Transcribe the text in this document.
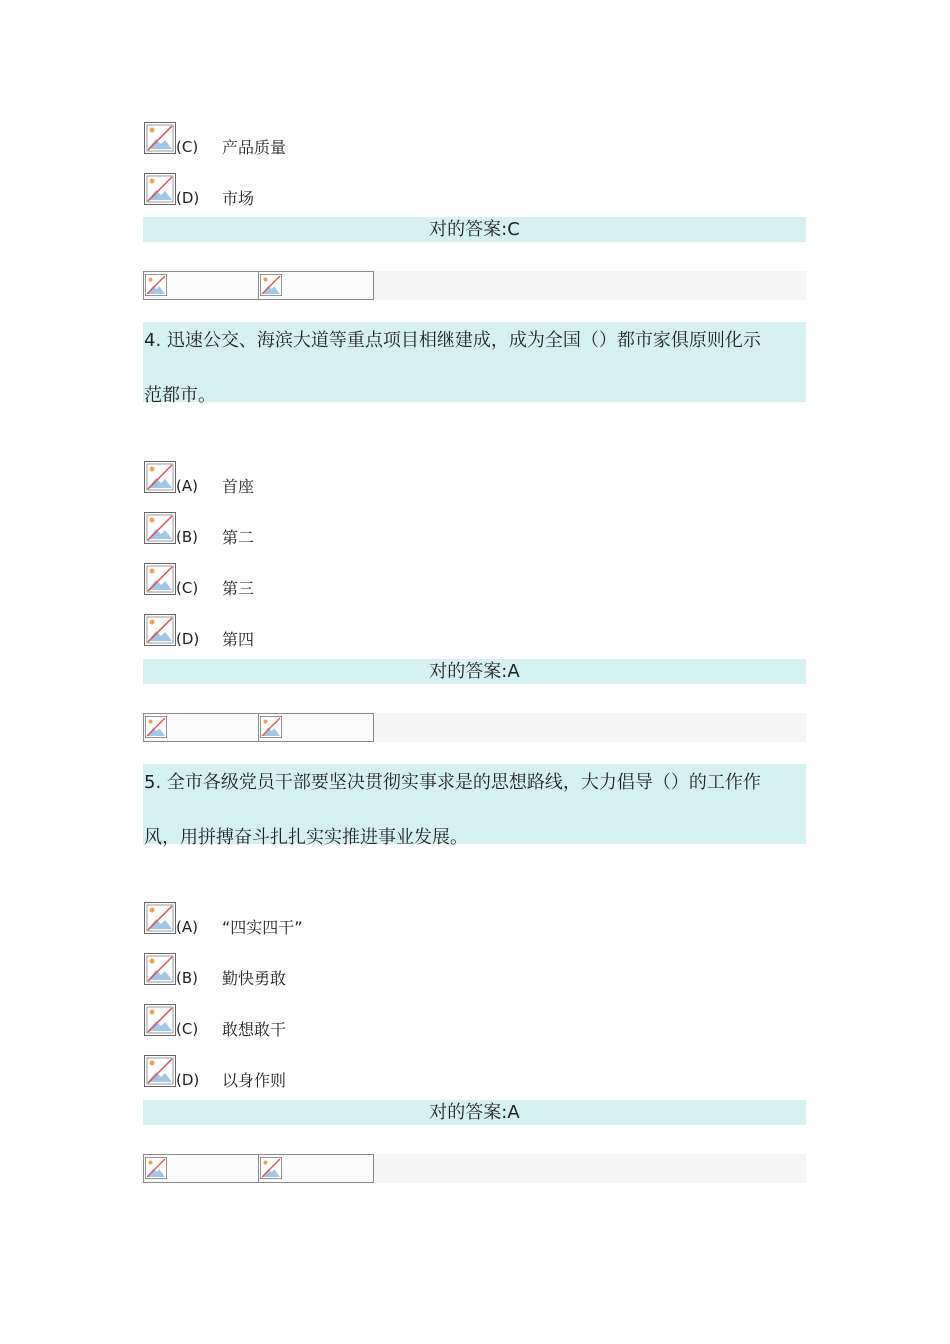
(C) 产品质量
(D) 市场
对的答案:C
4. 迅速公交、海滨大道等重点项目相继建成，成为全国（）都市家俱原则化示
范都市。
(A) 首座
(B) 第二
(C) 第三
(D) 第四
对的答案:A
5. 全市各级党员干部要坚决贯彻实事求是的思想路线，大力倡导（）的工作作
风，用拼搏奋斗扎扎实实推进事业发展。
(A) “四实四干”
(B) 勤快勇敢
(C) 敢想敢干
(D) 以身作则
对的答案:A
